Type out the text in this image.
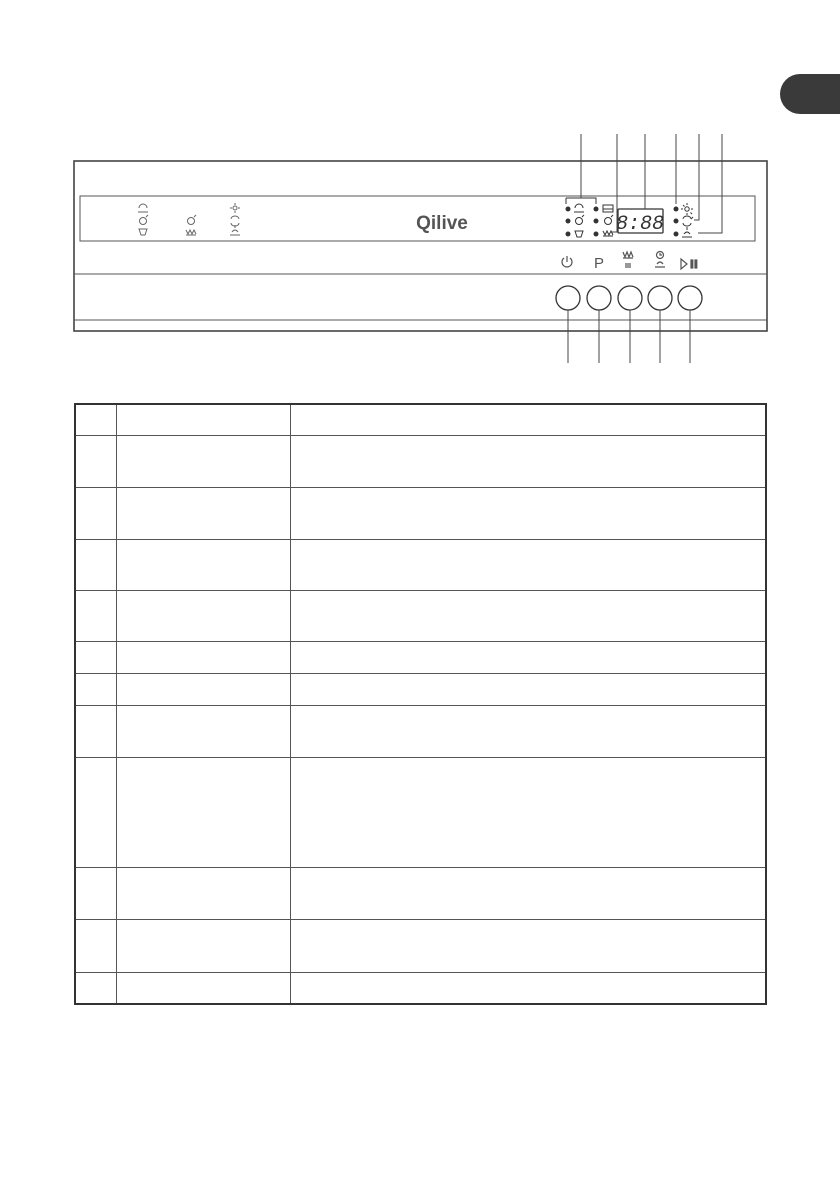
Qilive	8:88
P
